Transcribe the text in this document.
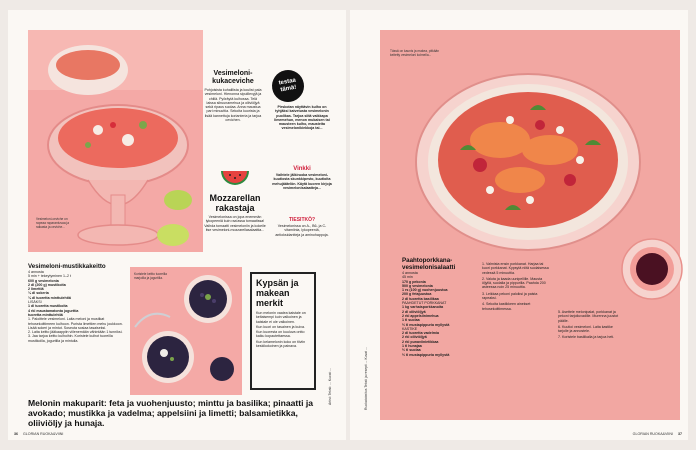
Vesimeloni-ceviche on rapeaa raparantuvaa ja raikasta ja ceviche...
Vesimeloni-kukaceviche
Pohjoisista kuhalilista ja koulist pala vesimeloni. Hienonna sipulilevyjä ja chiliä. Pyöräytä kulhossa. Telä laissa silruunamehua ja oliiviöljyä sekä ripaus suolaa. Anna maustua pari minuuttia. Sekoita kuorista ja lisää kannettuja korianteria ja tarjoa cevichen.
testaa
tämä!
Pirskotan näyttävin kulho on tyhjäksi kaivetusta vesimelonin puolikas. Tarjoa siitä vaikkapa limemehun, menon mukaisen tai mausteen kulho, mausteita vesimelonikiekkoja tai...
Mozzarellan rakastaja
Vesimelonissa on jopa enemmän lykopeeniä kuin raa'assa tomaatissa! Vaihda tomaatti vesimeloniin ja kokeile itse vesimeloni-mozzarellasalaattia...
Vinkki
Vaihtele jälkiruoka vesimeloni-kuutiosta skunkkipesto, kuutioita mehujäätelön. Käytä kuoren kirjoja vesimelonisalaatteja...
TIESITKÖ?
Vesimelonissa on A-, B6- ja C-vitamiinia, lykopeeniä, antioksidantteja ja aminohappoja.
Vesimeloni-mustikkakeitto
4 annosta
5 min + tekeytyminen 1–2 t
600 g vesimelonia
2 dl (200 g) mustikoita
2 limettiä
¼ dl sokeria
¼ dl tuoretta minttulehtiä
LISÄKSI
1 dl tuoretta mustikoita
4 rkl maustamatonta jogurttia
tuoretta minttulehtiä
1. Paloittele vesimeloni. Laita meloni ja mustikat tehosekoittimeen kulhoon. Purista limettien mehu joukkoon. Lisää sokeri ja mintut. Soseuta sosiaa tasaiseksi.
2. Laita keitto jääkaappiin viilenemään vähintään 1 tunniksi.
3. Jaa tarjoa keitto kulhoihin. Koristele kulhot tuoreilla mustikoilla, jogurtilla ja mintulla.
Koristele keitto tuoreilla marjoilla ja jogurtilla.
Kypsän ja makean merkit
Kun melonin vaalea kaistale on keltaisempi kuin valkoinen ja kaistale ei ole valkoinen.
Kun kuori on tasainen ja kuiva.
Kun kuoresta on kuuluva ontto kaiku kopautettaessa.
Kun kelamelonin koko on tiiviin keskikokoinen ja painava.
Artist: Teksti: ... Kuvat: ...
Melonin makuparit: feta ja vuohenjuusto; minttu ja basilika; pinaatti ja avokado; mustikka ja vadelma; appelsiini ja limetti; balsamietikka, oliiviöljy ja hunaja.
36 GLORIAN RUOKA&VIINI
Tässä on kaunis ja makea, pitkään keitetty vesimeloni kolmella...
Paahtoporkkana-vesimelonisalaatti
4 annosta
45 min
170 g pekonia
500 g vesimelonia
1 rs (100 g) vuohenjuustoa
200 g fetajuustoa
2 dl tuoretta basilikaa
PAAHDETUT PORKKANAT
1 kg varhaisporkkanoita
2 dl oliiviöljyä
2 rkl appelsiinimehua
1 tl suolaa
½ tl mustapippuria myllystä
KASTIKE
2 dl tuoretta vadelmia
2 rkl oliiviöljyä
2 rkl punaviinietikkaa
1 tl hunajaa
½ tl suolaa
½ tl mustapippuria myllystä
1. Valmista ensin porkkanat. Harjaa tai kuori porkkanat. Kypsytä niitä suolaisessa vedessä 5 minuuttia.
2. Valuta ja kaada uunipellille. Mausta öljyllä, suolalla ja pippurilla. Paahda 200 asteessa noin 25 minuuttia.
3. Leikkaa pekoni paloiksi ja paista rapeaksi.
4. Sekoita kastikkeen ainekset tehosekoittimessa.
5. Asettele melonipalat, porkkanat ja pekoni tarjoiluvadille. Murenna juustot päälle.
6. Kuutioi vesimeloni. Laita kastike tarjolle ja annostele.
7. Koristele basilikalla ja tarjoa heti.
Ruokatoimitus Teksti ja resepti ... Kuvat ...
GLORIAN RUOKA&VIINI 37
